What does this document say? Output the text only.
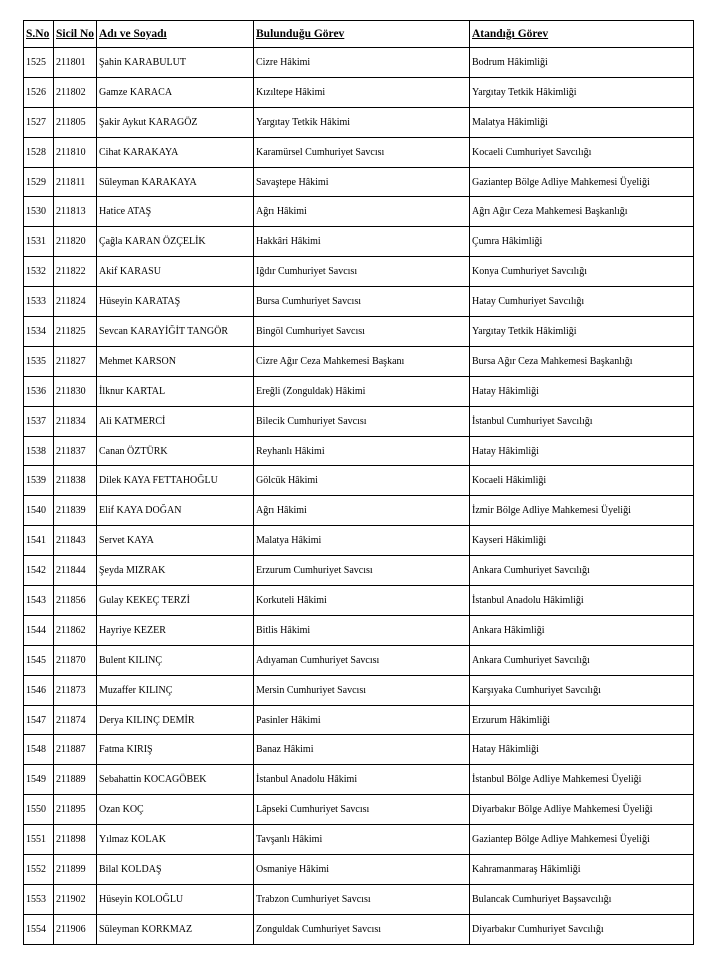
S.No	Sicil No	Adı ve Soyadı	Bulunduğu Görev	Atandığı Görev
1525	211801	Şahin KARABULUT	Cizre Hâkimi	Bodrum Hâkimliği
1526	211802	Gamze KARACA	Kızıltepe Hâkimi	Yargıtay Tetkik Hâkimliği
1527	211805	Şakir Aykut KARAGÖZ	Yargıtay Tetkik Hâkimi	Malatya Hâkimliği
1528	211810	Cihat KARAKAYA	Karamürsel Cumhuriyet Savcısı	Kocaeli Cumhuriyet Savcılığı
1529	211811	Süleyman KARAKAYA	Savaştepe Hâkimi	Gaziantep Bölge Adliye Mahkemesi Üyeliği
1530	211813	Hatice ATAŞ	Ağrı Hâkimi	Ağrı Ağır Ceza Mahkemesi Başkanlığı
1531	211820	Çağla KARAN ÖZÇELİK	Hakkâri Hâkimi	Çumra Hâkimliği
1532	211822	Akif KARASU	Iğdır Cumhuriyet Savcısı	Konya Cumhuriyet Savcılığı
1533	211824	Hüseyin KARATAŞ	Bursa Cumhuriyet Savcısı	Hatay Cumhuriyet Savcılığı
1534	211825	Sevcan KARAYİĞİT TANGÖR	Bingöl Cumhuriyet Savcısı	Yargıtay Tetkik Hâkimliği
1535	211827	Mehmet KARSON	Cizre Ağır Ceza Mahkemesi Başkanı	Bursa Ağır Ceza Mahkemesi Başkanlığı
1536	211830	İlknur KARTAL	Ereğli (Zonguldak) Hâkimi	Hatay Hâkimliği
1537	211834	Ali KATMERCİ	Bilecik Cumhuriyet Savcısı	İstanbul Cumhuriyet Savcılığı
1538	211837	Canan ÖZTÜRK	Reyhanlı Hâkimi	Hatay Hâkimliği
1539	211838	Dilek KAYA FETTAHOĞLU	Gölcük Hâkimi	Kocaeli Hâkimliği
1540	211839	Elif KAYA DOĞAN	Ağrı Hâkimi	İzmir Bölge Adliye Mahkemesi Üyeliği
1541	211843	Servet KAYA	Malatya Hâkimi	Kayseri Hâkimliği
1542	211844	Şeyda MIZRAK	Erzurum Cumhuriyet Savcısı	Ankara Cumhuriyet Savcılığı
1543	211856	Gulay KEKEÇ TERZİ	Korkuteli Hâkimi	İstanbul Anadolu Hâkimliği
1544	211862	Hayriye KEZER	Bitlis Hâkimi	Ankara Hâkimliği
1545	211870	Bulent KILINÇ	Adıyaman Cumhuriyet Savcısı	Ankara Cumhuriyet Savcılığı
1546	211873	Muzaffer KILINÇ	Mersin Cumhuriyet Savcısı	Karşıyaka Cumhuriyet Savcılığı
1547	211874	Derya KILINÇ DEMİR	Pasinler Hâkimi	Erzurum Hâkimliği
1548	211887	Fatma KIRIŞ	Banaz Hâkimi	Hatay Hâkimliği
1549	211889	Sebahattin KOCAGÖBEK	İstanbul Anadolu Hâkimi	İstanbul Bölge Adliye Mahkemesi Üyeliği
1550	211895	Ozan KOÇ	Lâpseki Cumhuriyet Savcısı	Diyarbakır Bölge Adliye Mahkemesi Üyeliği
1551	211898	Yılmaz KOLAK	Tavşanlı Hâkimi	Gaziantep Bölge Adliye Mahkemesi Üyeliği
1552	211899	Bilal KOLDAŞ	Osmaniye Hâkimi	Kahramanmaraş Hâkimliği
1553	211902	Hüseyin KOLOĞLU	Trabzon Cumhuriyet Savcısı	Bulancak Cumhuriyet Başsavcılığı
1554	211906	Süleyman KORKMAZ	Zonguldak Cumhuriyet Savcısı	Diyarbakır Cumhuriyet Savcılığı
